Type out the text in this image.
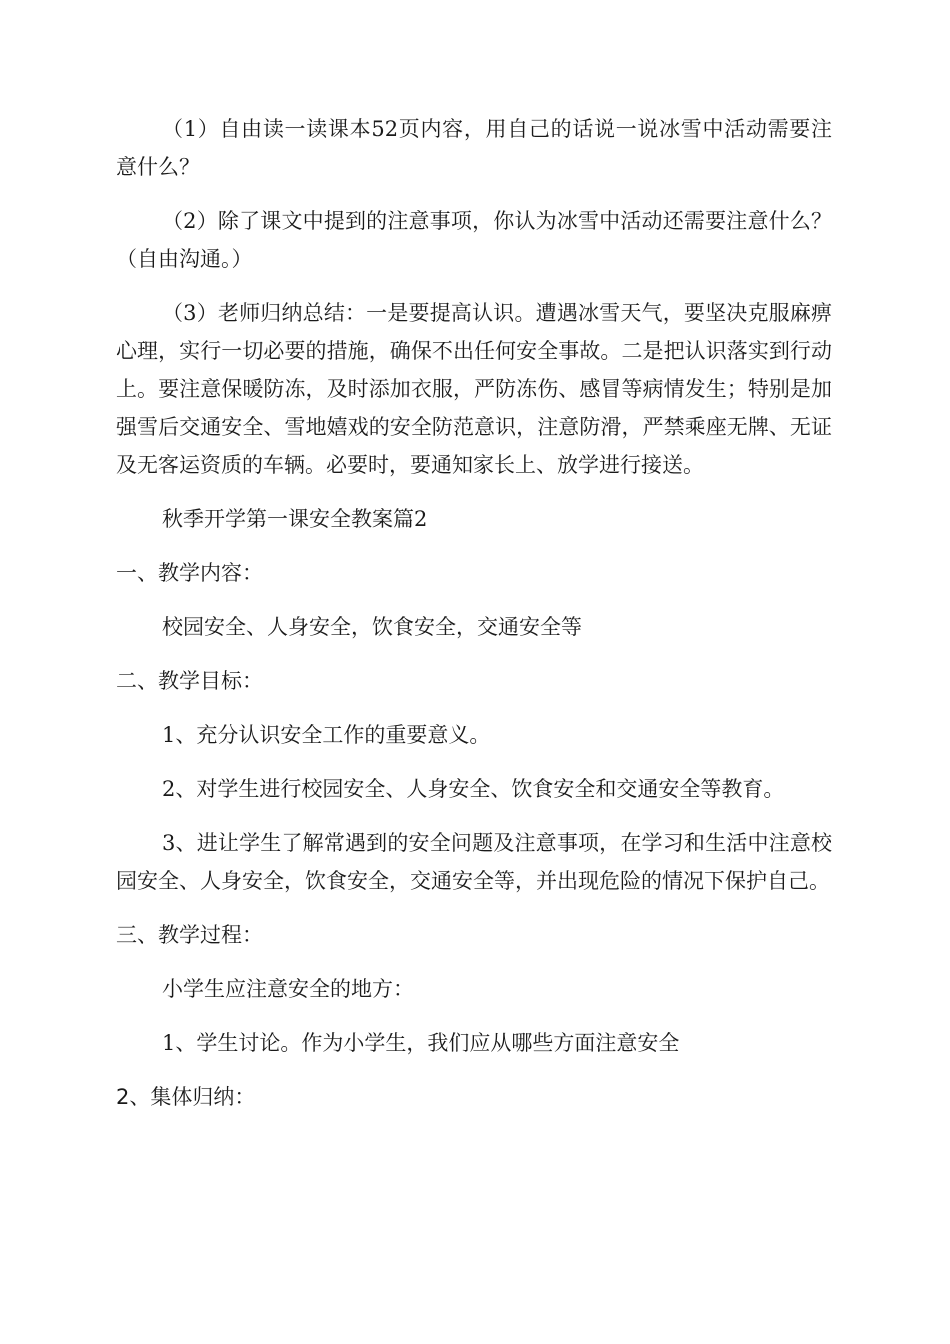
（1）自由读一读课本52页内容，用自己的话说一说冰雪中活动需要注意什么？

（2）除了课文中提到的注意事项，你认为冰雪中活动还需要注意什么？（自由沟通。）

（3）老师归纳总结：一是要提高认识。遭遇冰雪天气，要坚决克服麻痹心理，实行一切必要的措施，确保不出任何安全事故。二是把认识落实到行动上。要注意保暖防冻，及时添加衣服，严防冻伤、感冒等病情发生；特别是加强雪后交通安全、雪地嬉戏的安全防范意识，注意防滑，严禁乘座无牌、无证及无客运资质的车辆。必要时，要通知家长上、放学进行接送。

秋季开学第一课安全教案篇2

一、教学内容：

校园安全、人身安全，饮食安全，交通安全等

二、教学目标：

1、充分认识安全工作的重要意义。

2、对学生进行校园安全、人身安全、饮食安全和交通安全等教育。

3、进让学生了解常遇到的安全问题及注意事项，在学习和生活中注意校园安全、人身安全，饮食安全，交通安全等，并出现危险的情况下保护自己。

三、教学过程：

小学生应注意安全的地方：

1、学生讨论。作为小学生，我们应从哪些方面注意安全

2、集体归纳：
